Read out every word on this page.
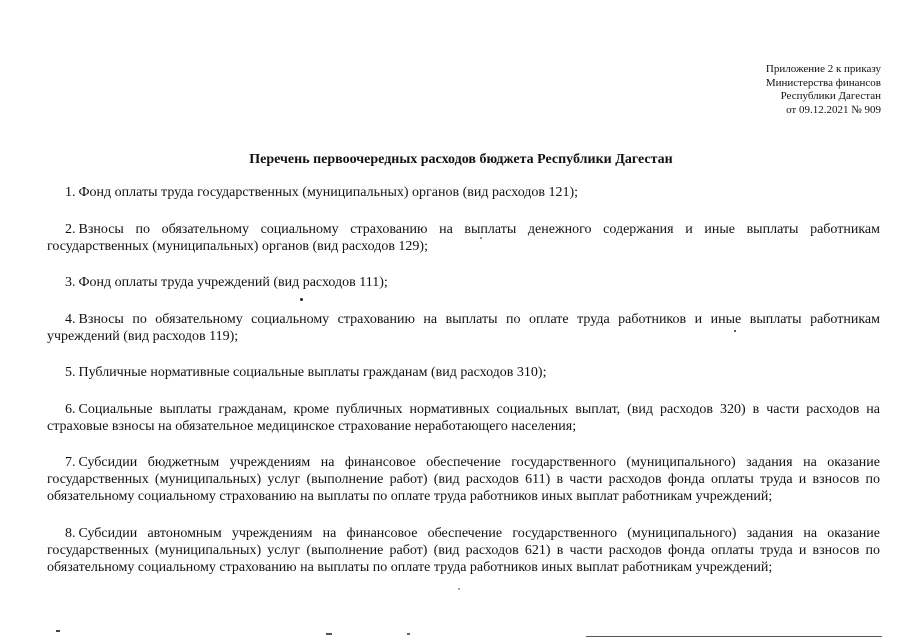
Приложение 2 к приказу
Министерства финансов
Республики Дагестан
от 09.12.2021 № 909
Перечень первоочередных расходов бюджета Республики Дагестан

1. Фонд оплаты труда государственных (муниципальных) органов (вид расходов 121);

2. Взносы по обязательному социальному страхованию на выплаты денежного содержания и иные выплаты работникам государственных (муниципальных) органов (вид расходов 129);

3. Фонд оплаты труда учреждений (вид расходов 111);

4. Взносы по обязательному социальному страхованию на выплаты по оплате труда работников и иные выплаты работникам учреждений (вид расходов 119);

5. Публичные нормативные социальные выплаты гражданам (вид расходов 310);

6. Социальные выплаты гражданам, кроме публичных нормативных социальных выплат, (вид расходов 320) в части расходов на страховые взносы на обязательное медицинское страхование неработающего населения;

7. Субсидии бюджетным учреждениям на финансовое обеспечение государственного (муниципального) задания на оказание государственных (муниципальных) услуг (выполнение работ) (вид расходов 611) в части расходов фонда оплаты труда и взносов по обязательному социальному страхованию на выплаты по оплате труда работников иных выплат работникам учреждений;

8. Субсидии автономным учреждениям на финансовое обеспечение государственного (муниципального) задания на оказание государственных (муниципальных) услуг (выполнение работ) (вид расходов 621) в части расходов фонда оплаты труда и взносов по обязательному социальному страхованию на выплаты по оплате труда работников иных выплат работникам учреждений;
